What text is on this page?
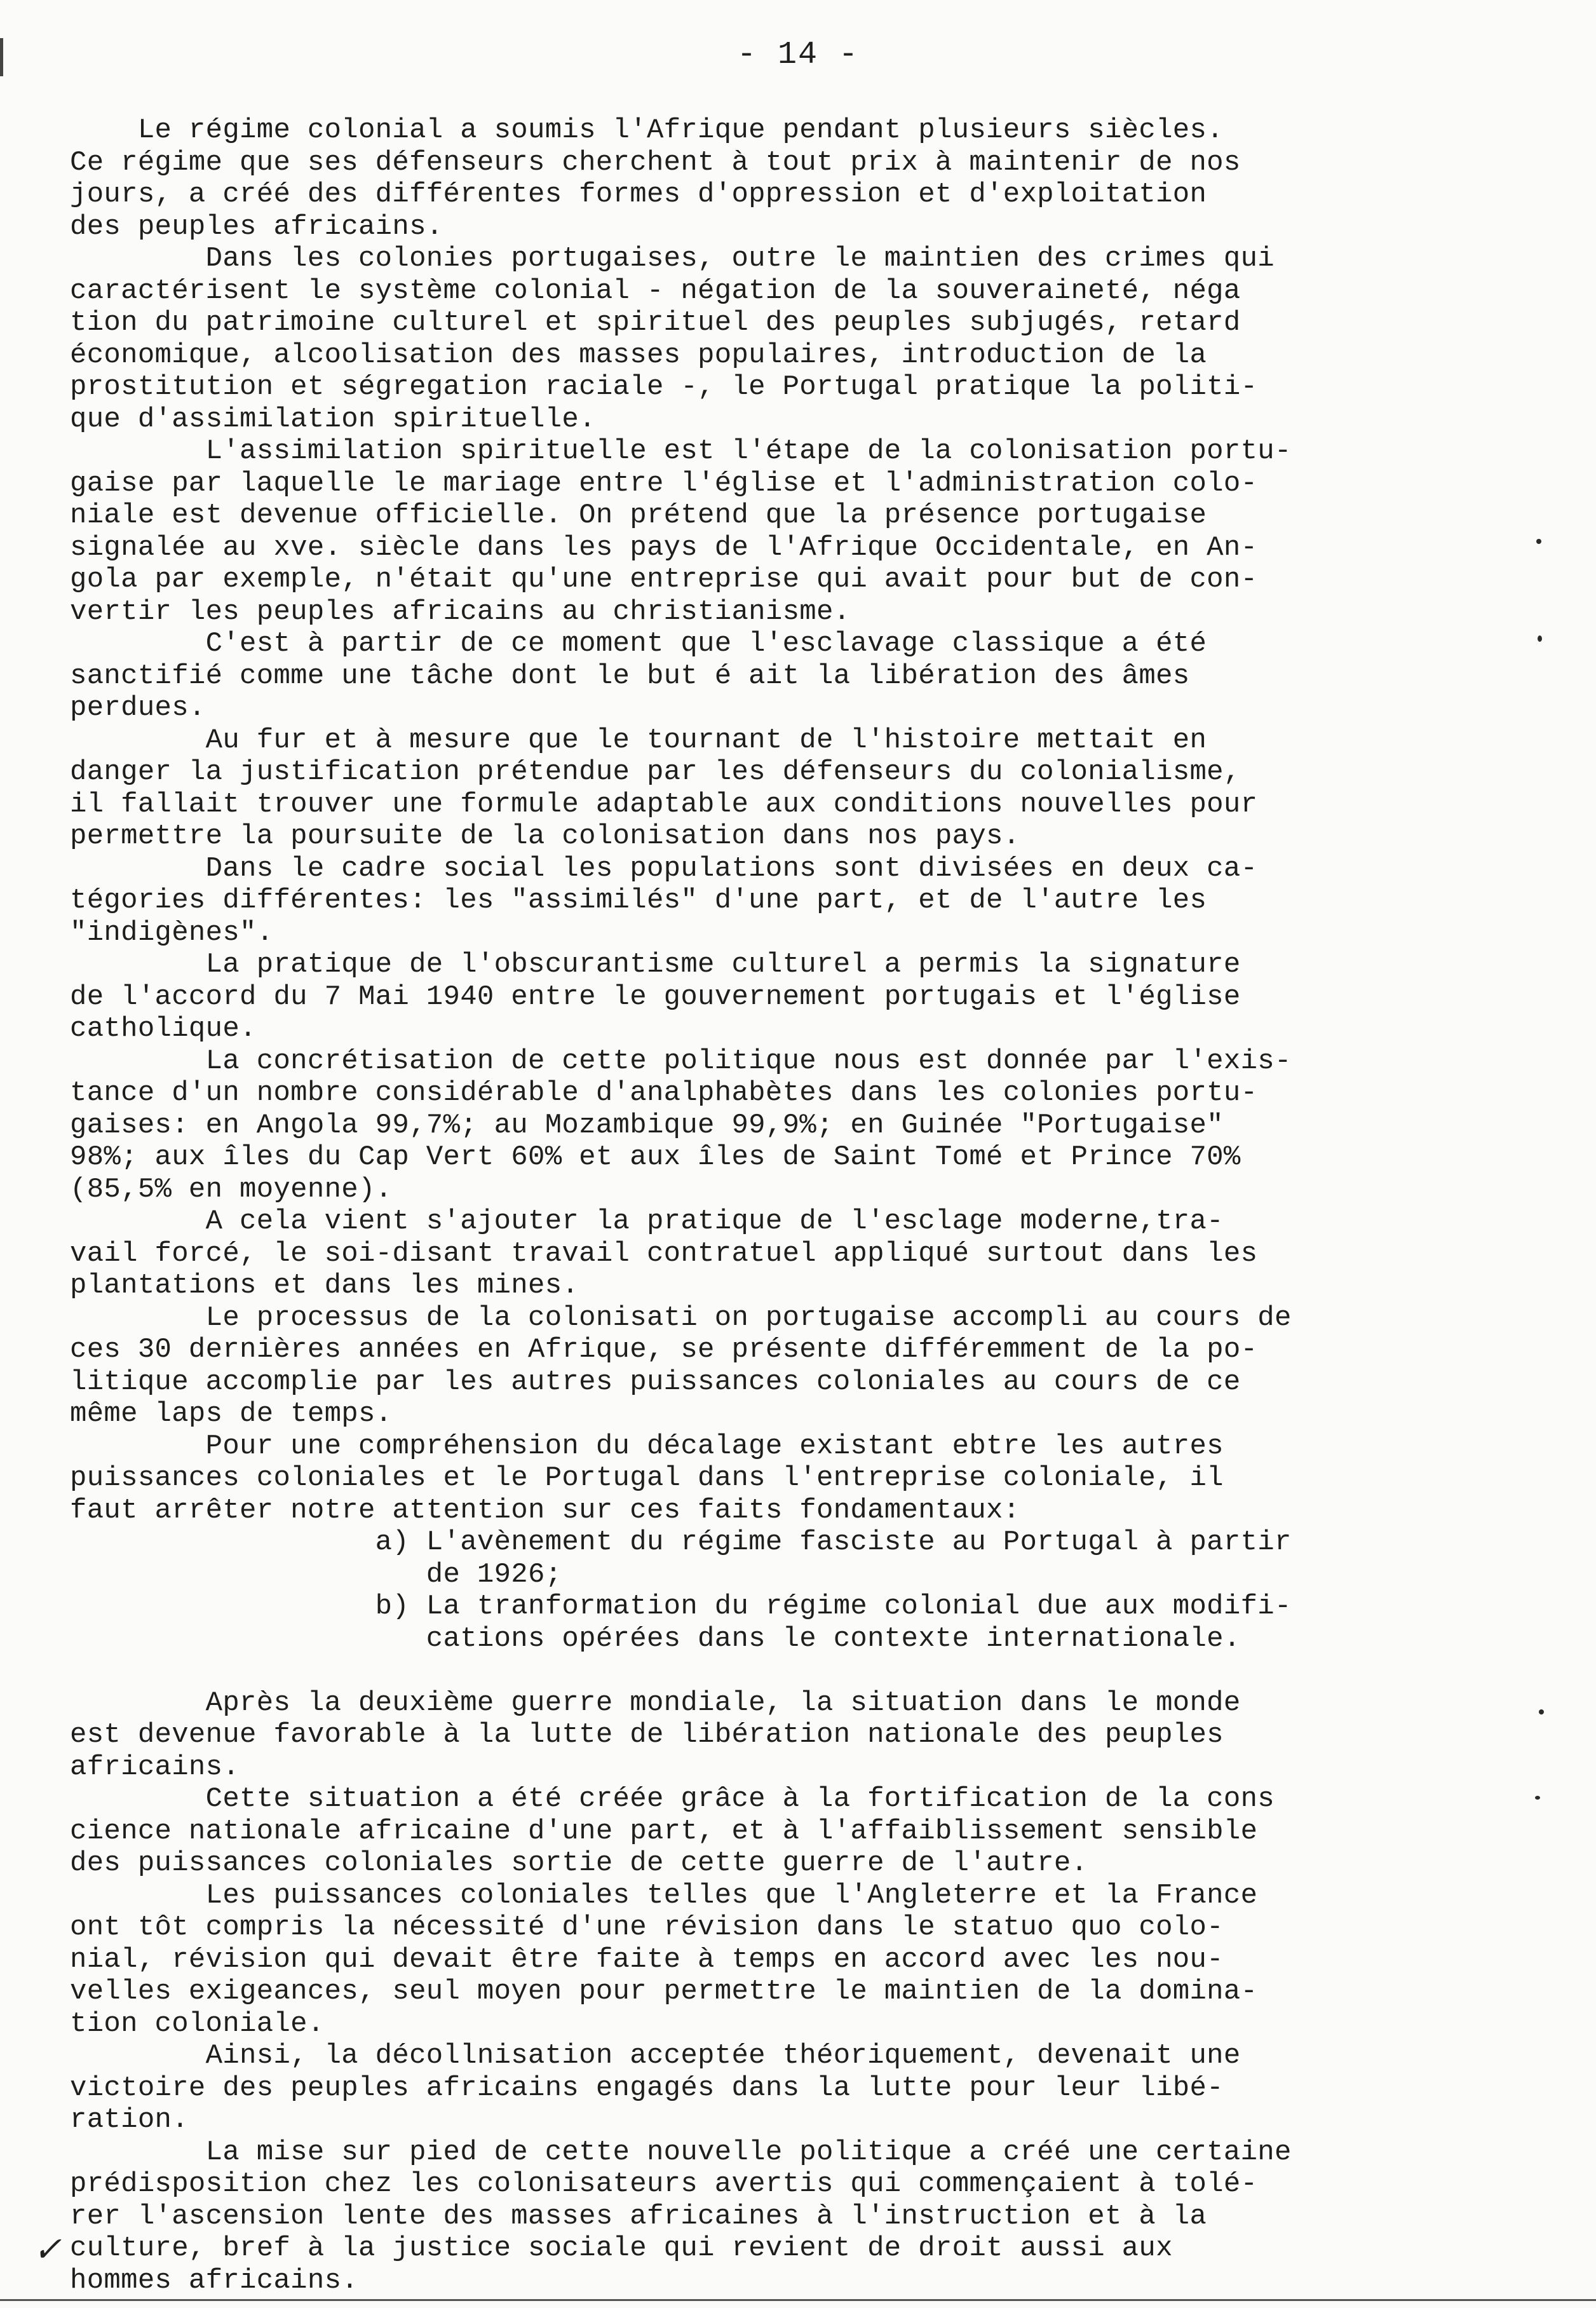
- 14 -
Le régime colonial a soumis l'Afrique pendant plusieurs siècles.
Ce régime que ses défenseurs cherchent à tout prix à maintenir de nos
jours, a créé des différentes formes d'oppression et d'exploitation
des peuples africains.
Dans les colonies portugaises, outre le maintien des crimes qui
caractérisent le système colonial - négation de la souveraineté, néga
tion du patrimoine culturel et spirituel des peuples subjugés, retard
économique, alcoolisation des masses populaires, introduction de la
prostitution et ségregation raciale -, le Portugal pratique la politi-
que d'assimilation spirituelle.
L'assimilation spirituelle est l'étape de la colonisation portu-
gaise par laquelle le mariage entre l'église et l'administration colo-
niale est devenue officielle. On prétend que la présence portugaise
signalée au xve. siècle dans les pays de l'Afrique Occidentale, en An-
gola par exemple, n'était qu'une entreprise qui avait pour but de con-
vertir les peuples africains au christianisme.
C'est à partir de ce moment que l'esclavage classique a été
sanctifié comme une tâche dont le but é ait la libération des âmes
perdues.
Au fur et à mesure que le tournant de l'histoire mettait en
danger la justification prétendue par les défenseurs du colonialisme,
il fallait trouver une formule adaptable aux conditions nouvelles pour
permettre la poursuite de la colonisation dans nos pays.
Dans le cadre social les populations sont divisées en deux ca-
tégories différentes: les "assimilés" d'une part, et de l'autre les
"indigènes".
La pratique de l'obscurantisme culturel a permis la signature
de l'accord du 7 Mai 1940 entre le gouvernement portugais et l'église
catholique.
La concrétisation de cette politique nous est donnée par l'exis-
tance d'un nombre considérable d'analphabètes dans les colonies portu-
gaises: en Angola 99,7%; au Mozambique 99,9%; en Guinée "Portugaise"
98%; aux îles du Cap Vert 60% et aux îles de Saint Tomé et Prince 70%
(85,5% en moyenne).
A cela vient s'ajouter la pratique de l'esclage moderne,tra-
vail forcé, le soi-disant travail contratuel appliqué surtout dans les
plantations et dans les mines.
Le processus de la colonisati on portugaise accompli au cours de
ces 30 dernières années en Afrique, se présente différemment de la po-
litique accomplie par les autres puissances coloniales au cours de ce
même laps de temps.
Pour une compréhension du décalage existant ebtre les autres
puissances coloniales et le Portugal dans l'entreprise coloniale, il
faut arrêter notre attention sur ces faits fondamentaux:
a) L'avènement du régime fasciste au Portugal à partir
de 1926;
b) La tranformation du régime colonial due aux modifi-
cations opérées dans le contexte internationale.
Après la deuxième guerre mondiale, la situation dans le monde
est devenue favorable à la lutte de libération nationale des peuples
africains.
Cette situation a été créée grâce à la fortification de la cons
cience nationale africaine d'une part, et à l'affaiblissement sensible
des puissances coloniales sortie de cette guerre de l'autre.
Les puissances coloniales telles que l'Angleterre et la France
ont tôt compris la nécessité d'une révision dans le statuo quo colo-
nial, révision qui devait être faite à temps en accord avec les nou-
velles exigeances, seul moyen pour permettre le maintien de la domina-
tion coloniale.
Ainsi, la décollnisation acceptée théoriquement, devenait une
victoire des peuples africains engagés dans la lutte pour leur libé-
ration.
La mise sur pied de cette nouvelle politique a créé une certaine
prédisposition chez les colonisateurs avertis qui commençaient à tolé-
rer l'ascension lente des masses africaines à l'instruction et à la
culture, bref à la justice sociale qui revient de droit aussi aux
hommes africains.
✓
